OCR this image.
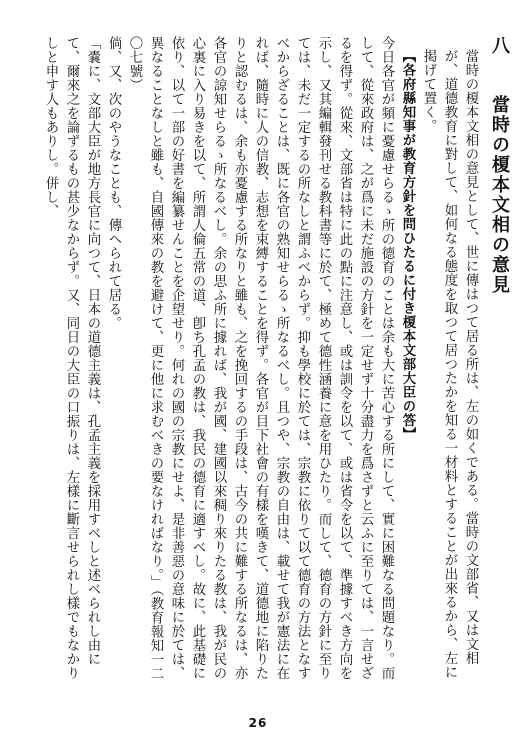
八 當時の榎本文相の意見

當時の榎本文相の意見として、世に傳はつて居る所は、左の如くである。當時の文部省、又は文相が、道德教育に對して、如何なる態度を取つて居つたかを知る一材料とすることが出來るから、左に掲げて置く。

【各府縣知事が教育方針を問ひたるに付き榎本文部大臣の答】

今日各官が頻に憂慮せらるゝ所の德育のことは余も大に苦心する所にして、實に困難なる問題なり。而して、從來政府は、之が爲に未だ施設の方針を一定せず十分盡力を爲さずと云ふに至りては、一言せざるを得ず。從來、文部省は特に此の點に注意し、或は訓令を以て、或は省令を以て、準據すべき方向を示し、又其編輯發刊せる教科書等に於て、極めて德性涵養に意を用ひたり。而して、德育の方針に至りては、未だ一定するの所なしと謂ふべからず。抑も學校に於ては、宗教に依りて以て德育の方法となすべからざることは、既に各官の熟知せらるゝ所なるべし。且つや、宗教の自由は、載せて我が憲法に在れば、隨時に人の信教、志想を束縛することを得ず。各官が目下社會の有樣を嘆きて、道德地に陷りたりと認むるは、余も亦憂慮する所なりと雖も、之を挽回するの手段は、古今の共に難する所なるは、亦各官の諒知せらるゝ所なるべし。余の思ふ所に據れば、我が國、建國以來稠り來りたる教は、我が民の心裏に入り易きを以て、所謂人倫五常の道、卽ち孔孟の教は、我民の德育に適すべし。故に、此基礎に依り、以て一部の好書を編纂せんことを企望せり。何れの國の宗教にせよ、是非善惡の意味に於ては、異なることなしと雖も、自國傳來の教を避けて、更に他に求むべきの要なければなり。」（教育報知一二〇七號）

倘、又、次のやうなことも、傳へられて居る。

「嚢に、文部大臣が地方長官に向つて、日本の道德主義は、孔孟主義を採用すべしと述べられし由にて、爾來之を論ずるもの甚少なからず。又、同日の大臣の口振りは、左樣に斷言せられし樣でもなかりしと申す人もありし。併し、

26
